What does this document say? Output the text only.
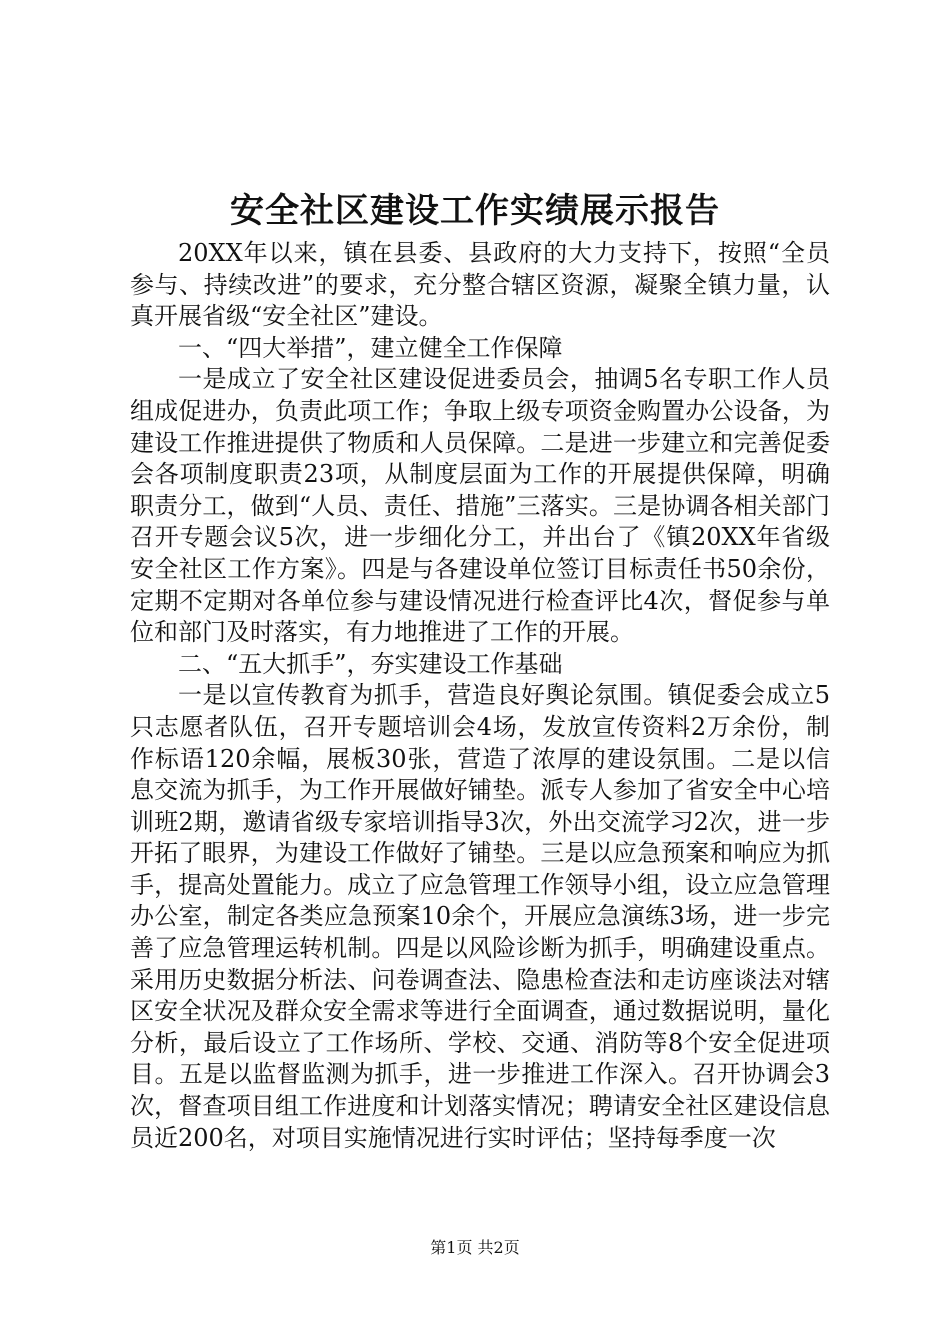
安全社区建设工作实绩展示报告

20XX年以来，镇在县委、县政府的大力支持下，按照“全员参与、持续改进”的要求，充分整合辖区资源，凝聚全镇力量，认真开展省级“安全社区”建设。

一、“四大举措”，建立健全工作保障

一是成立了安全社区建设促进委员会，抽调5名专职工作人员组成促进办，负责此项工作；争取上级专项资金购置办公设备，为建设工作推进提供了物质和人员保障。二是进一步建立和完善促委会各项制度职责23项，从制度层面为工作的开展提供保障，明确职责分工，做到“人员、责任、措施”三落实。三是协调各相关部门召开专题会议5次，进一步细化分工，并出台了《镇20XX年省级安全社区工作方案》。四是与各建设单位签订目标责任书50余份，定期不定期对各单位参与建设情况进行检查评比4次，督促参与单位和部门及时落实，有力地推进了工作的开展。

二、“五大抓手”，夯实建设工作基础

一是以宣传教育为抓手，营造良好舆论氛围。镇促委会成立5只志愿者队伍，召开专题培训会4场，发放宣传资料2万余份，制作标语120余幅，展板30张，营造了浓厚的建设氛围。二是以信息交流为抓手，为工作开展做好铺垫。派专人参加了省安全中心培训班2期，邀请省级专家培训指导3次，外出交流学习2次，进一步开拓了眼界，为建设工作做好了铺垫。三是以应急预案和响应为抓手，提高处置能力。成立了应急管理工作领导小组，设立应急管理办公室，制定各类应急预案10余个，开展应急演练3场，进一步完善了应急管理运转机制。四是以风险诊断为抓手，明确建设重点。采用历史数据分析法、问卷调查法、隐患检查法和走访座谈法对辖区安全状况及群众安全需求等进行全面调查，通过数据说明，量化分析，最后设立了工作场所、学校、交通、消防等8个安全促进项目。五是以监督监测为抓手，进一步推进工作深入。召开协调会3次，督查项目组工作进度和计划落实情况；聘请安全社区建设信息员近200名，对项目实施情况进行实时评估；坚持每季度一次

第1页 共2页
